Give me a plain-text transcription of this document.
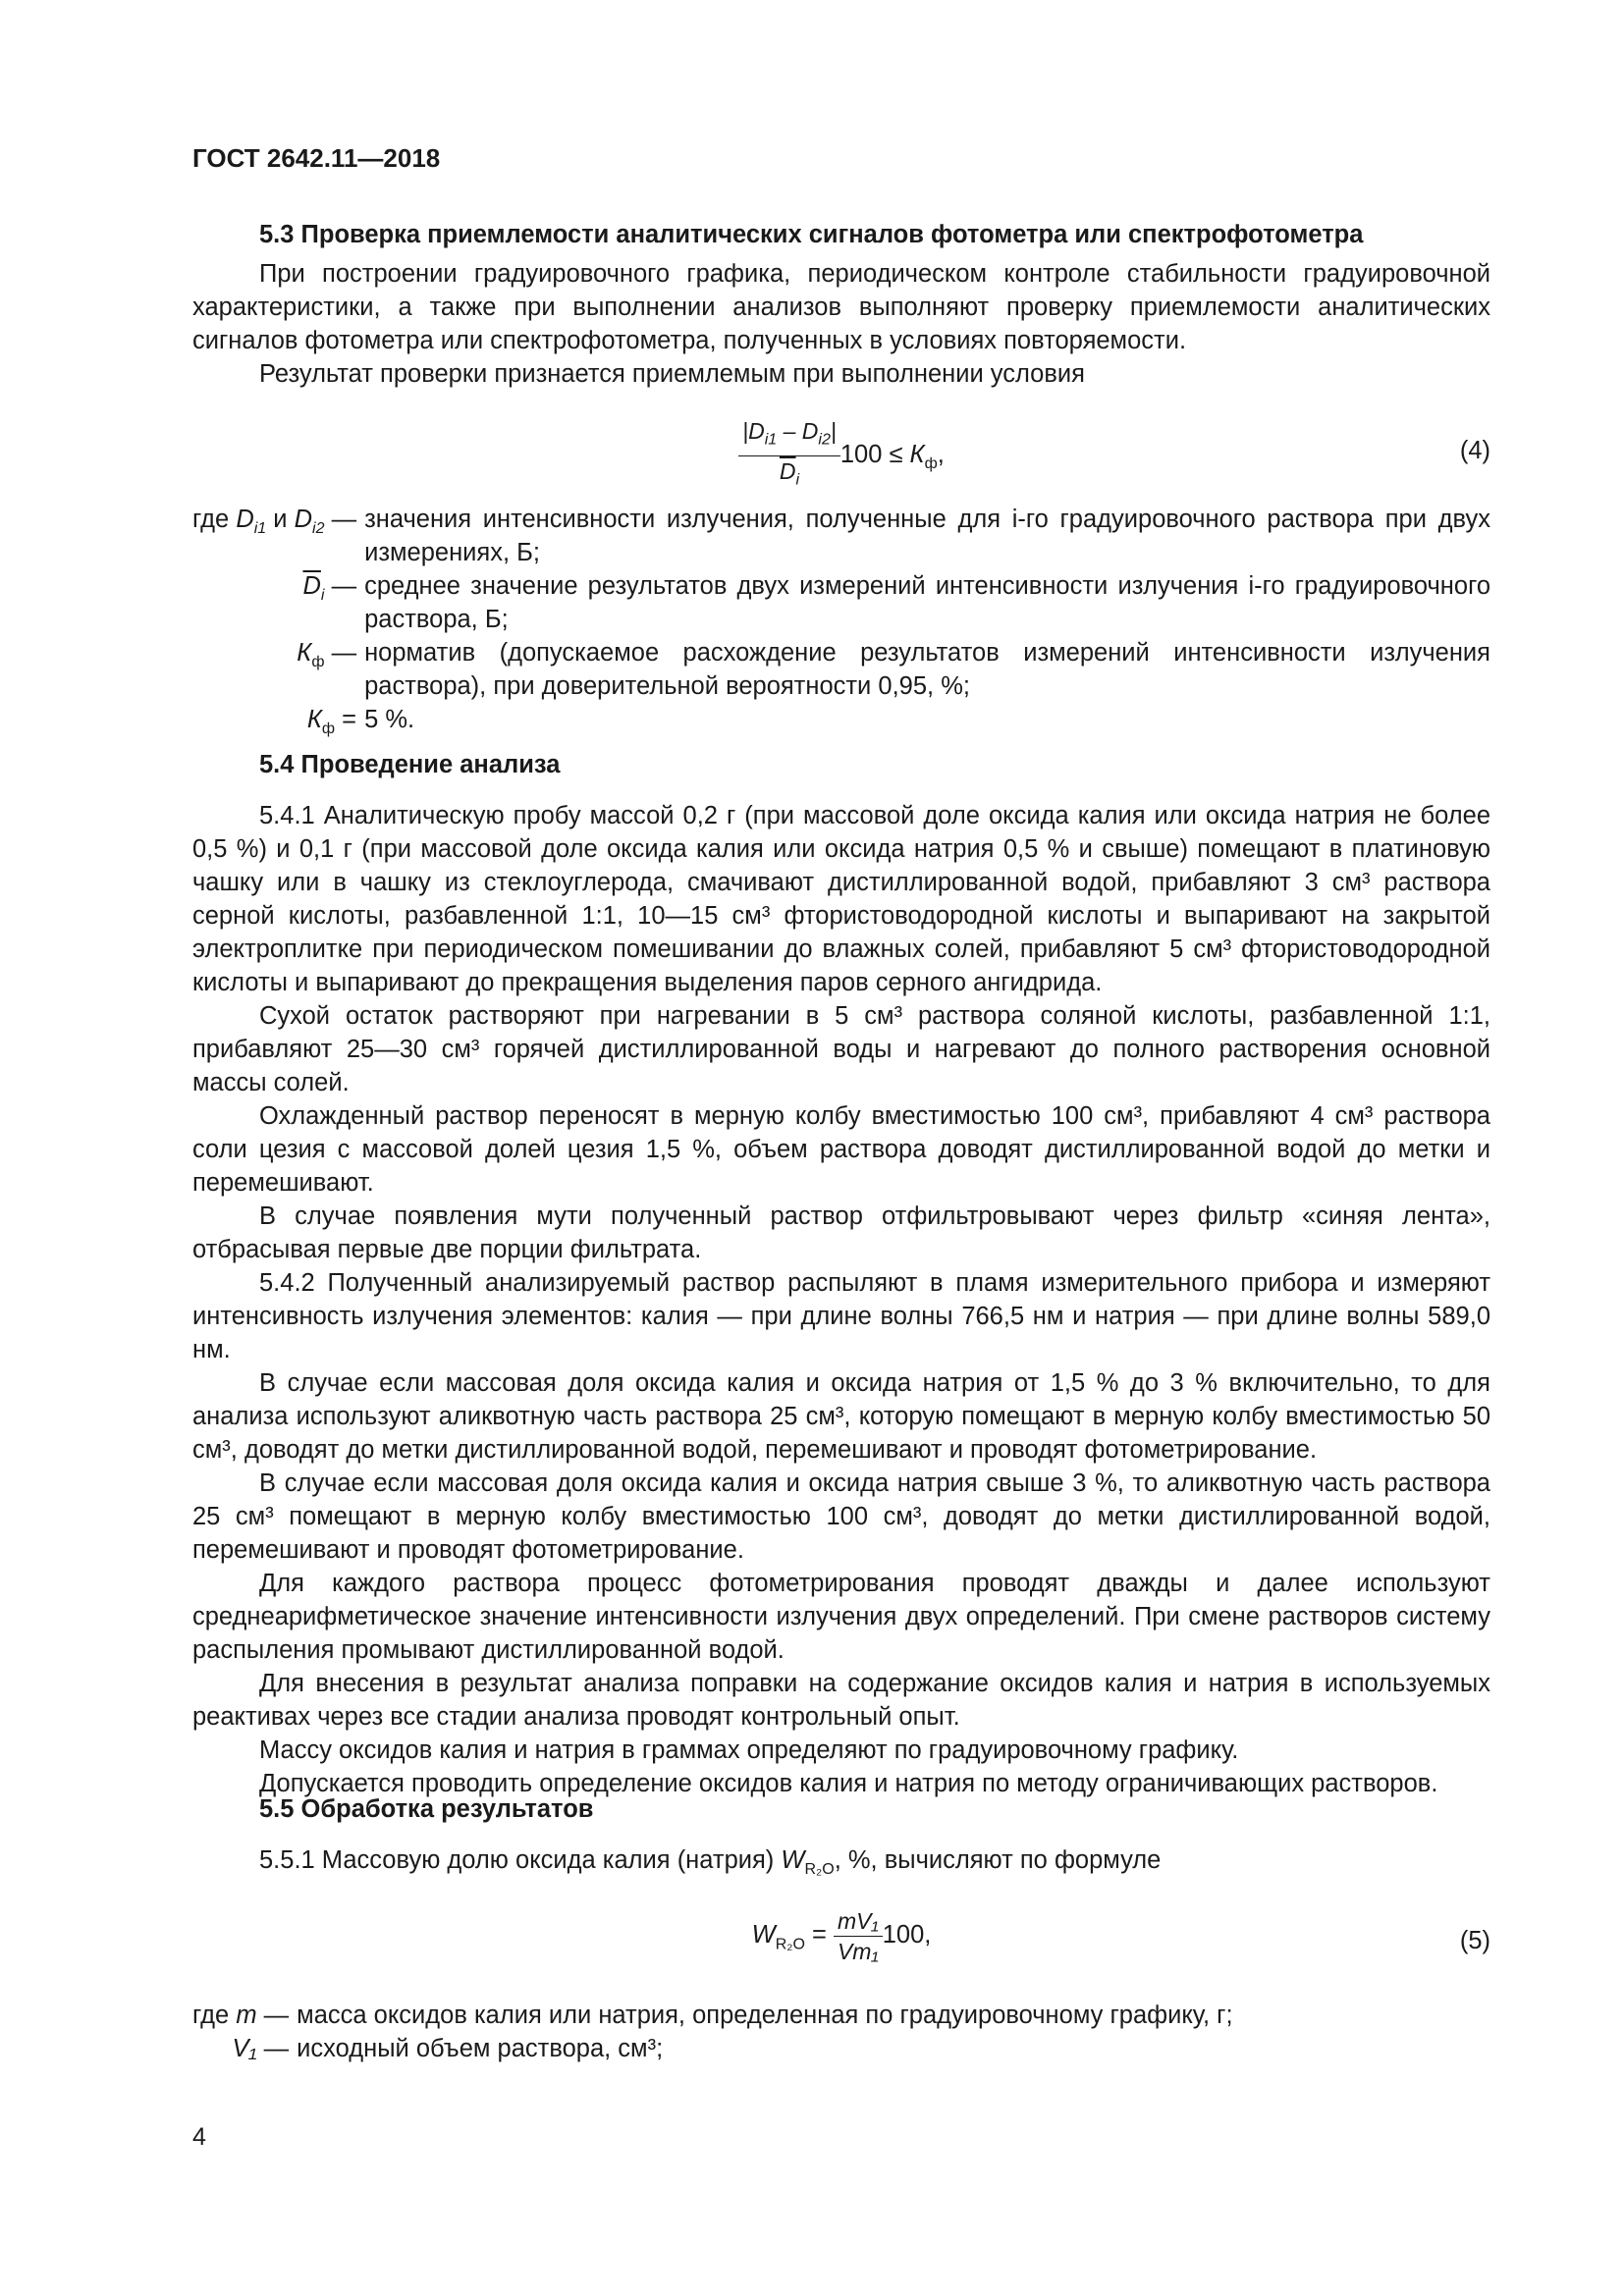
ГОСТ 2642.11—2018

5.3 Проверка приемлемости аналитических сигналов фотометра или спектрофотометра

При построении градуировочного графика, периодическом контроле стабильности градуировочной характеристики, а также при выполнении анализов выполняют проверку приемлемости аналитических сигналов фотометра или спектрофотометра, полученных в условиях повторяемости.

Результат проверки признается приемлемым при выполнении условия

$\frac{|D_{i1} - D_{i2}|}{\overline{D}_i} 100 \le К_ф$,	(4)
где $D_{i1}$ и $D_{i2}$ — значения интенсивности излучения, полученные для i-го градуировочного раствора при двух измерениях, Б;
$\overline{D}_i$ — среднее значение результатов двух измерений интенсивности излучения i-го градуировочного раствора, Б;
$К_ф$ — норматив (допускаемое расхождение результатов измерений интенсивности излучения раствора), при доверительной вероятности 0,95, %;
$К_ф = 5$ %.

5.4 Проведение анализа

5.4.1 Аналитическую пробу массой 0,2 г (при массовой доле оксида калия или оксида натрия не более 0,5 %) и 0,1 г (при массовой доле оксида калия или оксида натрия 0,5 % и свыше) помещают в платиновую чашку или в чашку из стеклоуглерода, смачивают дистиллированной водой, прибавляют 3 см³ раствора серной кислоты, разбавленной 1:1, 10—15 см³ фтористоводородной кислоты и выпаривают на закрытой электроплитке при периодическом помешивании до влажных солей, прибавляют 5 см³ фтористоводородной кислоты и выпаривают до прекращения выделения паров серного ангидрида.

Сухой остаток растворяют при нагревании в 5 см³ раствора соляной кислоты, разбавленной 1:1, прибавляют 25—30 см³ горячей дистиллированной воды и нагревают до полного растворения основной массы солей.

Охлажденный раствор переносят в мерную колбу вместимостью 100 см³, прибавляют 4 см³ раствора соли цезия с массовой долей цезия 1,5 %, объем раствора доводят дистиллированной водой до метки и перемешивают.

В случае появления мути полученный раствор отфильтровывают через фильтр «синяя лента», отбрасывая первые две порции фильтрата.

5.4.2 Полученный анализируемый раствор распыляют в пламя измерительного прибора и измеряют интенсивность излучения элементов: калия — при длине волны 766,5 нм и натрия — при длине волны 589,0 нм.

В случае если массовая доля оксида калия и оксида натрия от 1,5 % до 3 % включительно, то для анализа используют аликвотную часть раствора 25 см³, которую помещают в мерную колбу вместимостью 50 см³, доводят до метки дистиллированной водой, перемешивают и проводят фотометрирование.

В случае если массовая доля оксида калия и оксида натрия свыше 3 %, то аликвотную часть раствора 25 см³ помещают в мерную колбу вместимостью 100 см³, доводят до метки дистиллированной водой, перемешивают и проводят фотометрирование.

Для каждого раствора процесс фотометрирования проводят дважды и далее используют среднеарифметическое значение интенсивности излучения двух определений. При смене растворов систему распыления промывают дистиллированной водой.

Для внесения в результат анализа поправки на содержание оксидов калия и натрия в используемых реактивах через все стадии анализа проводят контрольный опыт.

Массу оксидов калия и натрия в граммах определяют по градуировочному графику.

Допускается проводить определение оксидов калия и натрия по методу ограничивающих растворов.

5.5 Обработка результатов

5.5.1 Массовую долю оксида калия (натрия) $W_{R_2O}$, %, вычисляют по формуле

$W_{R_2O} = \frac{\text{mV₁}}{\text{Vm₁}} 100$,	(5)
где m — масса оксидов калия или натрия, определенная по градуировочному графику, г;
V₁ — исходный объем раствора, см³;
4
